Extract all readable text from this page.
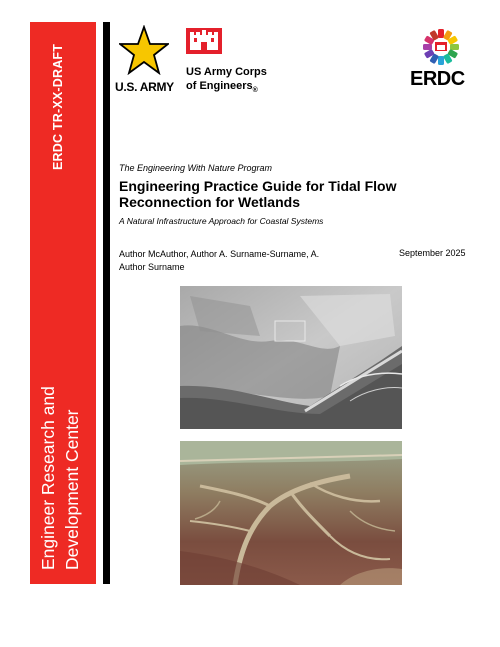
ERDC TR-XX-DRAFT
Engineer Research and Development Center
U.S. ARMY
US Army Corps
of Engineers$_®$
ERDC
The Engineering With Nature Program
Engineering Practice Guide for Tidal Flow Reconnection for Wetlands
A Natural Infrastructure Approach for Coastal Systems
Author McAuthor, Author A. Surname-Surname, A. Author Surname
September 2025
